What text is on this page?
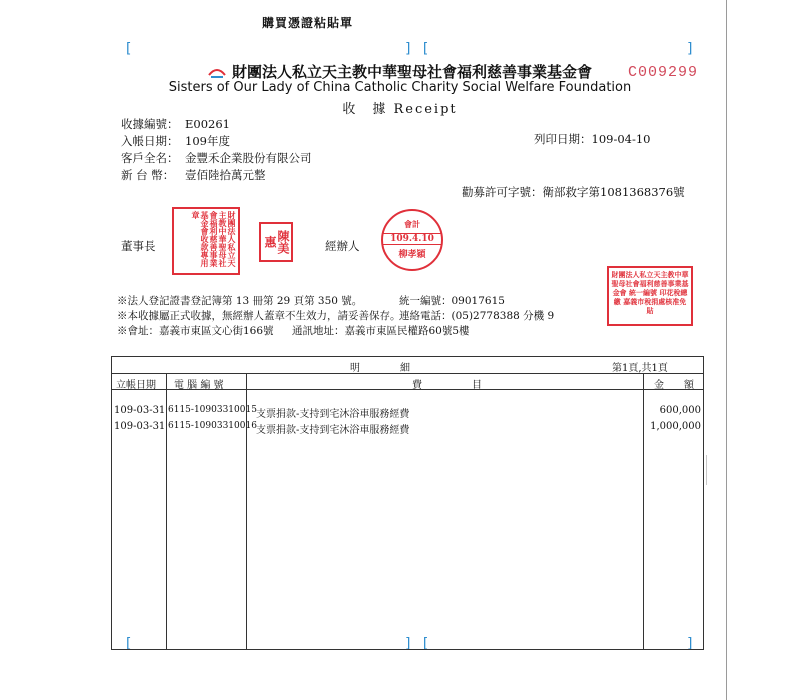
[	] [	]
[	] [	]
購買憑證粘貼單
C009299
財團法人私立天主教中華聖母社會福利慈善事業基金會
Sisters of Our Lady of China Catholic Charity Social Welfare Foundation
收　據 Receipt
收據編號： E00261
入帳日期： 109年度
客戶全名： 金豐禾企業股份有限公司
新 台 幣： 壹佰陸拾萬元整
列印日期：109-04-10
勸募許可字號：衛部救字第1081368376號
董事長	經辦人
財團法人私立天主教中華聖母社會福利慈善事業基金會收款專用章
陳美惠
會計
109.4.10
柳孝穎
財團法人私立天主教中華聖母社會福利慈善事業基金會 統一編號 印花稅總繳 嘉義市稅捐處核准免貼
※法人登記證書登記簿第 13 冊第 29 頁第 350 號。	統一編號：09017615
※本收據屬正式收據，無經辦人蓋章不生效力，請妥善保存。
連絡電話：(05)2778388 分機 9
※會址：嘉義市東區文心街166號 通訊地址：嘉義市東區民權路60號5樓
明　　　　細	第1頁,共1頁
立帳日期 電 腦 編 號	費　　　　　目	金　　額
109-03-31 6115-10903310015 支票捐款-支持到宅沐浴車服務經費	600,000
109-03-31 6115-10903310016 支票捐款-支持到宅沐浴車服務經費	1,000,000
